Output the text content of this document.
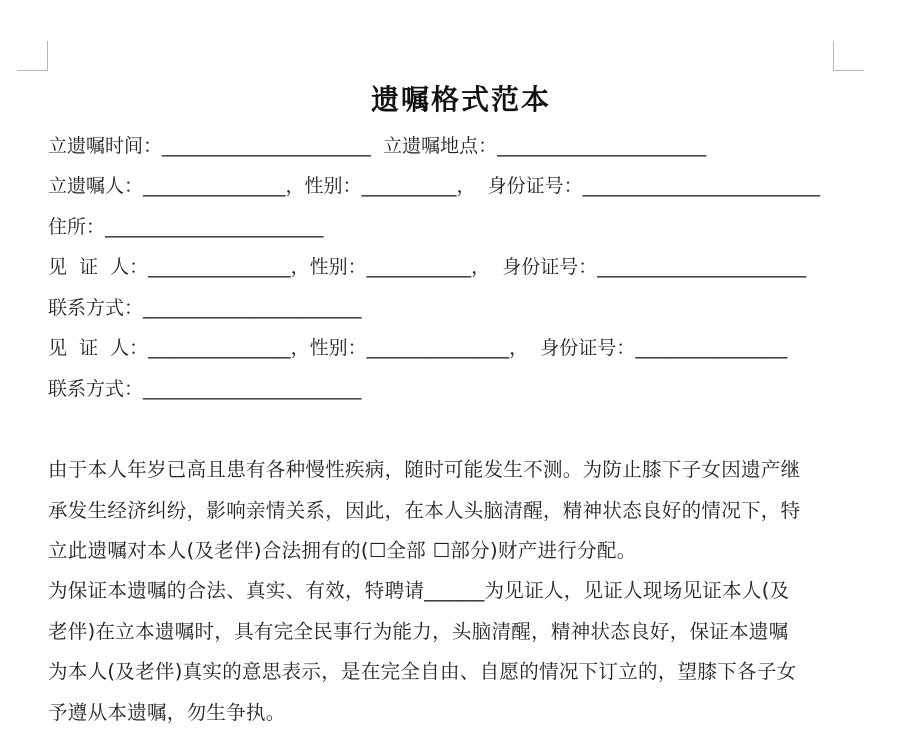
遗嘱格式范本
立遗嘱时间：______________________  立遗嘱地点：______________________
立遗嘱人：_______________，性别：__________，  身份证号：_________________________
住所：_______________________
见  证  人：_______________，性别：___________，  身份证号：______________________
联系方式：_______________________
见  证  人：_______________，性别：_______________，  身份证号：________________
联系方式：_______________________
由于本人年岁已高且患有各种慢性疾病，随时可能发生不测。为防止膝下子女因遗产继
承发生经济纠纷，影响亲情关系，因此，在本人头脑清醒，精神状态良好的情况下，特
立此遗嘱对本人(及老伴)合法拥有的(☐全部 ☐部分)财产进行分配。
为保证本遗嘱的合法、真实、有效，特聘请______为见证人，见证人现场见证本人(及
老伴)在立本遗嘱时，具有完全民事行为能力，头脑清醒，精神状态良好，保证本遗嘱
为本人(及老伴)真实的意思表示，是在完全自由、自愿的情况下订立的，望膝下各子女
予遵从本遗嘱，勿生争执。
